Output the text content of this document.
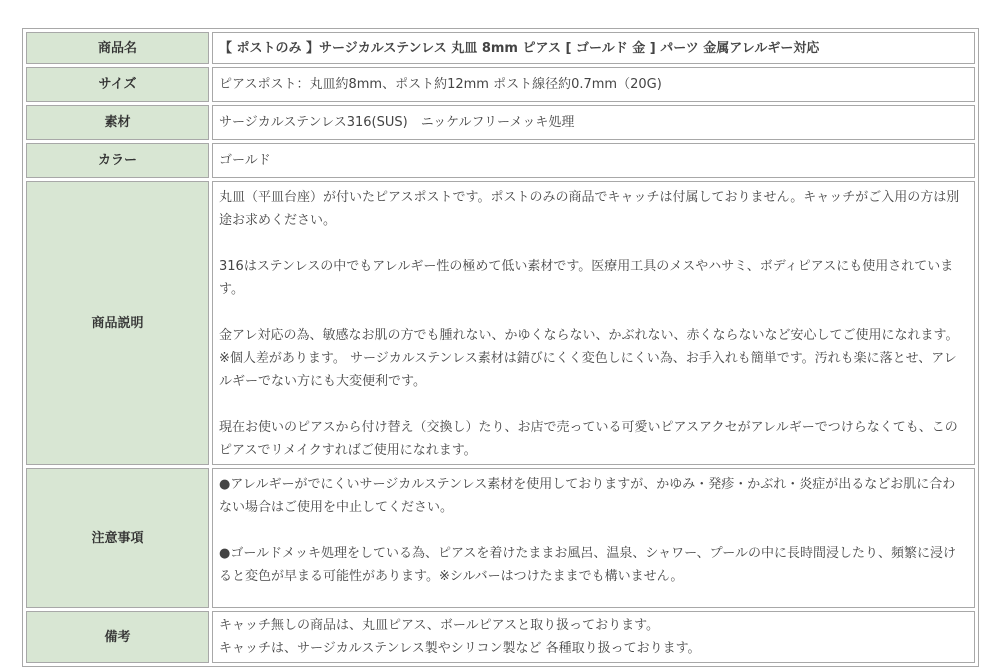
商品名	【 ポストのみ 】サージカルステンレス 丸皿 8mm ピアス [ ゴールド 金 ] パーツ 金属アレルギー対応
サイズ	ピアスポスト：丸皿約8mm、ポスト約12mm ポスト線径約0.7mm（20G)
素材	サージカルステンレス316(SUS)　ニッケルフリーメッキ処理
カラー	ゴールド
商品説明	丸皿（平皿台座）が付いたピアスポストです。ポストのみの商品でキャッチは付属しておりません。キャッチがご入用の方は別途お求めください。

316はステンレスの中でもアレルギー性の極めて低い素材です。医療用工具のメスやハサミ、ボディピアスにも使用されています。

金アレ対応の為、敏感なお肌の方でも腫れない、かゆくならない、かぶれない、赤くならないなど安心してご使用になれます。

※個人差があります。 サージカルステンレス素材は錆びにくく変色しにくい為、お手入れも簡単です。汚れも楽に落とせ、アレルギーでない方にも大変便利です。

現在お使いのピアスから付け替え（交換し）たり、お店で売っている可愛いピアスアクセがアレルギーでつけらなくても、このピアスでリメイクすればご使用になれます。

注意事項	●アレルギーがでにくいサージカルステンレス素材を使用しておりますが、かゆみ・発疹・かぶれ・炎症が出るなどお肌に合わない場合はご使用を中止してください。

●ゴールドメッキ処理をしている為、ピアスを着けたままお風呂、温泉、シャワー、プールの中に長時間浸したり、頻繁に浸けると変色が早まる可能性があります。※シルバーはつけたままでも構いません。

備考	キャッチ無しの商品は、丸皿ピアス、ボールピアスと取り扱っております。
キャッチは、サージカルステンレス製やシリコン製など 各種取り扱っております。
